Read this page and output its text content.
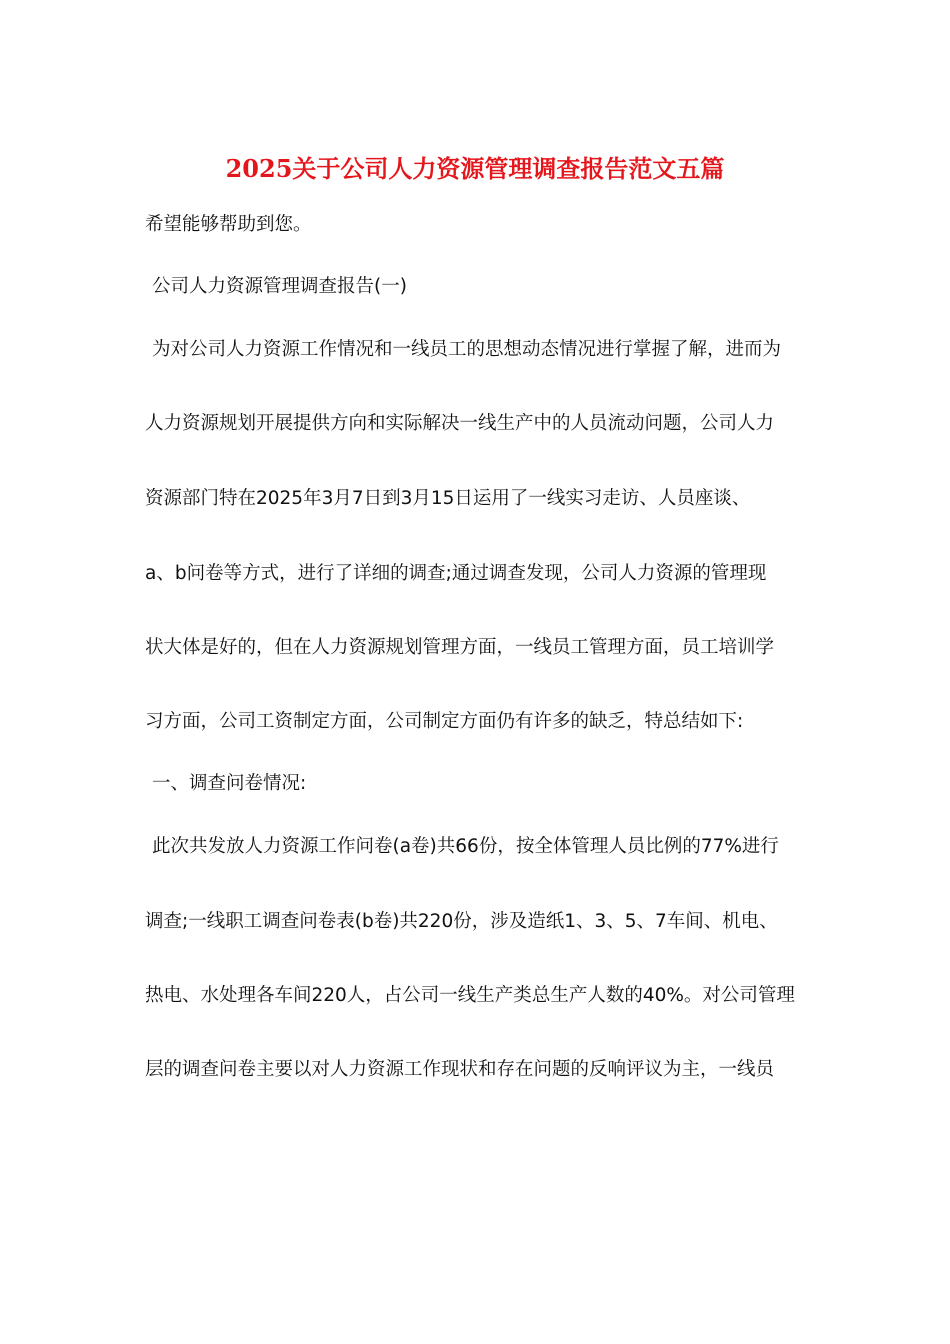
2025关于公司人力资源管理调查报告范文五篇
希望能够帮助到您。
公司人力资源管理调查报告(一)
为对公司人力资源工作情况和一线员工的思想动态情况进行掌握了解，进而为
人力资源规划开展提供方向和实际解决一线生产中的人员流动问题，公司人力
资源部门特在2025年3月7日到3月15日运用了一线实习走访、人员座谈、
a、b问卷等方式，进行了详细的调查;通过调查发现，公司人力资源的管理现
状大体是好的，但在人力资源规划管理方面，一线员工管理方面，员工培训学
习方面，公司工资制定方面，公司制定方面仍有许多的缺乏，特总结如下:
一、调查问卷情况:
此次共发放人力资源工作问卷(a卷)共66份，按全体管理人员比例的77%进行
调查;一线职工调查问卷表(b卷)共220份，涉及造纸1、3、5、7车间、机电、
热电、水处理各车间220人，占公司一线生产类总生产人数的40%。对公司管理
层的调查问卷主要以对人力资源工作现状和存在问题的反响评议为主，一线员
